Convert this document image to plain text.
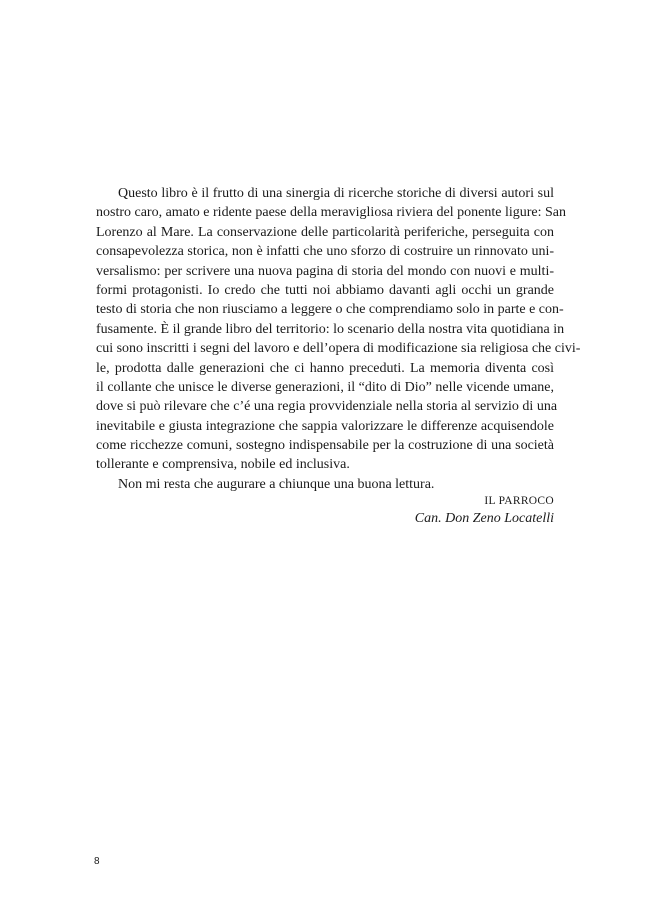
Questo libro è il frutto di una sinergia di ricerche storiche di diversi autori sul
nostro caro, amato e ridente paese della meravigliosa riviera del ponente ligure: San
Lorenzo al Mare. La conservazione delle particolarità periferiche, perseguita con
consapevolezza storica, non è infatti che uno sforzo di costruire un rinnovato uni-
versalismo: per scrivere una nuova pagina di storia del mondo con nuovi e multi-
formi protagonisti. Io credo che tutti noi abbiamo davanti agli occhi un grande
testo di storia che non riusciamo a leggere o che comprendiamo solo in parte e con-
fusamente. È il grande libro del territorio: lo scenario della nostra vita quotidiana in
cui sono inscritti i segni del lavoro e dell’opera di modificazione sia religiosa che civi-
le, prodotta dalle generazioni che ci hanno preceduti. La memoria diventa così
il collante che unisce le diverse generazioni, il “dito di Dio” nelle vicende umane,
dove si può rilevare che c’é una regia provvidenziale nella storia al servizio di una
inevitabile e giusta integrazione che sappia valorizzare le differenze acquisendole
come ricchezze comuni, sostegno indispensabile per la costruzione di una società
tollerante e comprensiva, nobile ed inclusiva.
Non mi resta che augurare a chiunque una buona lettura.
IL PARROCO
Can. Don Zeno Locatelli
8
